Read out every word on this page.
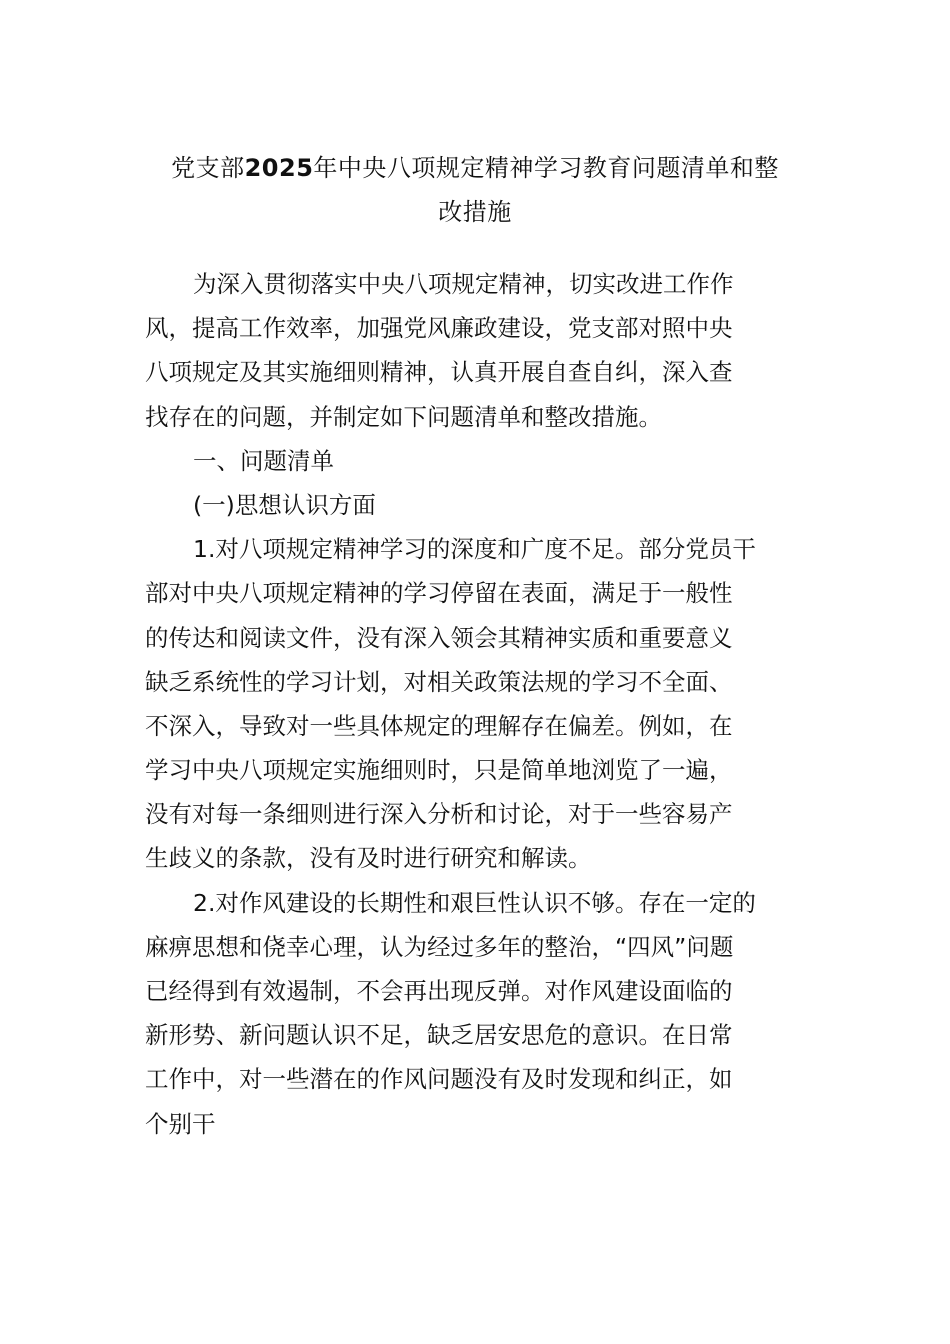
党支部2025年中央八项规定精神学习教育问题清单和整
改措施
为深入贯彻落实中央八项规定精神，切实改进工作作
风，提高工作效率，加强党风廉政建设，党支部对照中央
八项规定及其实施细则精神，认真开展自查自纠，深入查
找存在的问题，并制定如下问题清单和整改措施。
一、问题清单
(一)思想认识方面
1.对八项规定精神学习的深度和广度不足。部分党员干
部对中央八项规定精神的学习停留在表面，满足于一般性
的传达和阅读文件，没有深入领会其精神实质和重要意义
缺乏系统性的学习计划，对相关政策法规的学习不全面、
不深入，导致对一些具体规定的理解存在偏差。例如，在
学习中央八项规定实施细则时，只是简单地浏览了一遍，
没有对每一条细则进行深入分析和讨论，对于一些容易产
生歧义的条款，没有及时进行研究和解读。
2.对作风建设的长期性和艰巨性认识不够。存在一定的
麻痹思想和侥幸心理，认为经过多年的整治，“四风”问题
已经得到有效遏制，不会再出现反弹。对作风建设面临的
新形势、新问题认识不足，缺乏居安思危的意识。在日常
工作中，对一些潜在的作风问题没有及时发现和纠正，如
个别干
